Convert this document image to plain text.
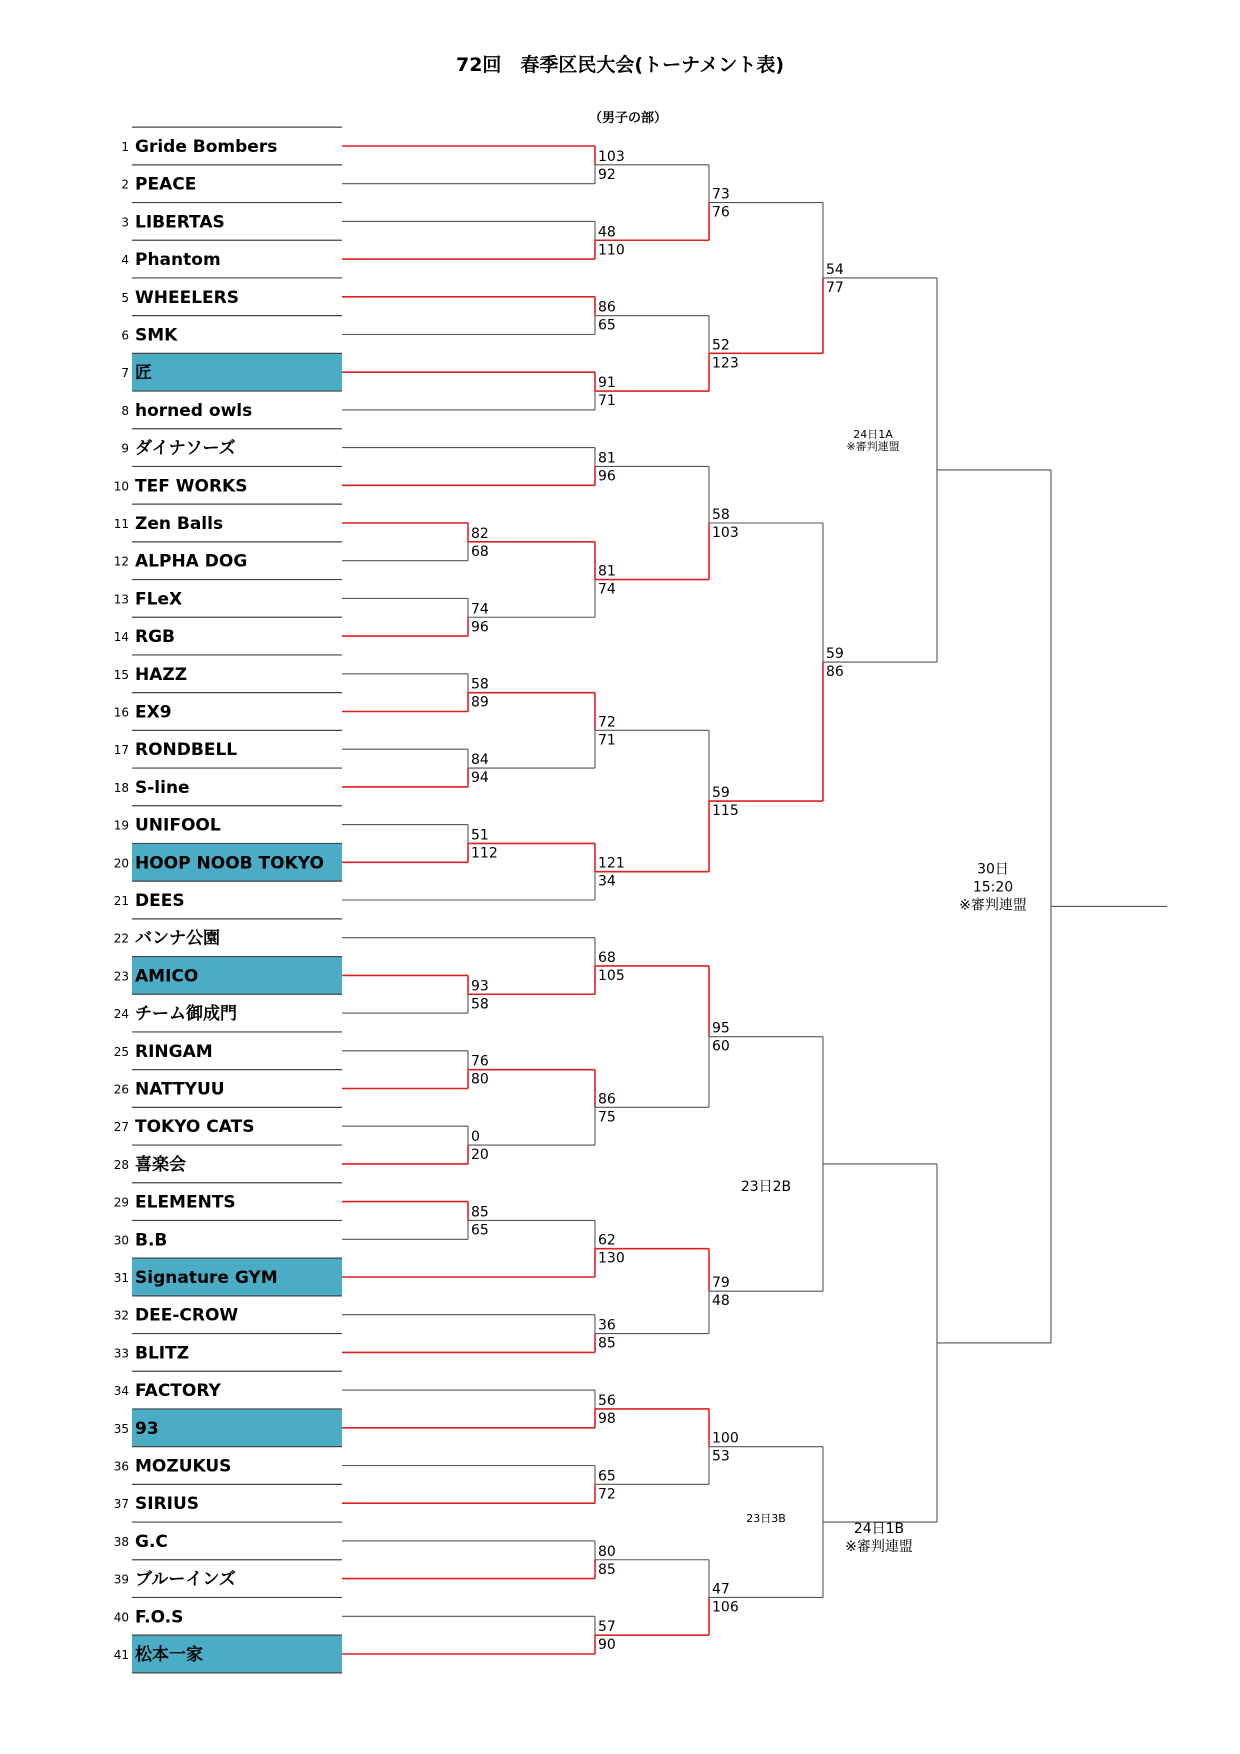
72回　春季区民大会(トーナメント表)
（男子の部）
1 Gride Bombers
2 PEACE
3 LIBERTAS
4 Phantom
5 WHEELERS
6 SMK
7 匠
8 horned owls
9 ダイナソーズ
10 TEF WORKS
11 Zen Balls
12 ALPHA DOG
13 FLeX
14 RGB
15 HAZZ
16 EX9
17 RONDBELL
18 S-line
19 UNIFOOL
20 HOOP NOOB TOKYO
21 DEES
22 バンナ公園
23 AMICO
24 チーム御成門
25 RINGAM
26 NATTYUU
27 TOKYO CATS
28 喜楽会
29 ELEMENTS
30 B.B
31 Signature GYM
32 DEE-CROW
33 BLITZ
34 FACTORY
35 93
36 MOZUKUS
37 SIRIUS
38 G.C
39 ブルーインズ
40 F.O.S
41 松本一家
82
68
74
96
58
89
84
94
51
112
93
58
76
80
0
20
85
65
103
92
48
110
86
65
91
71
81
96
81
74
72
71
121
34
68
105
86
75
62
130
36
85
56
98
65
72
80
85
57
90
73
76
52
123
58
103
59
115
95
60
79
48
100
53
47
106
54
77
59
86
24日1A
※審判連盟
24日1B
※審判連盟
23日2B
23日3B
30日
15:20
※審判連盟
